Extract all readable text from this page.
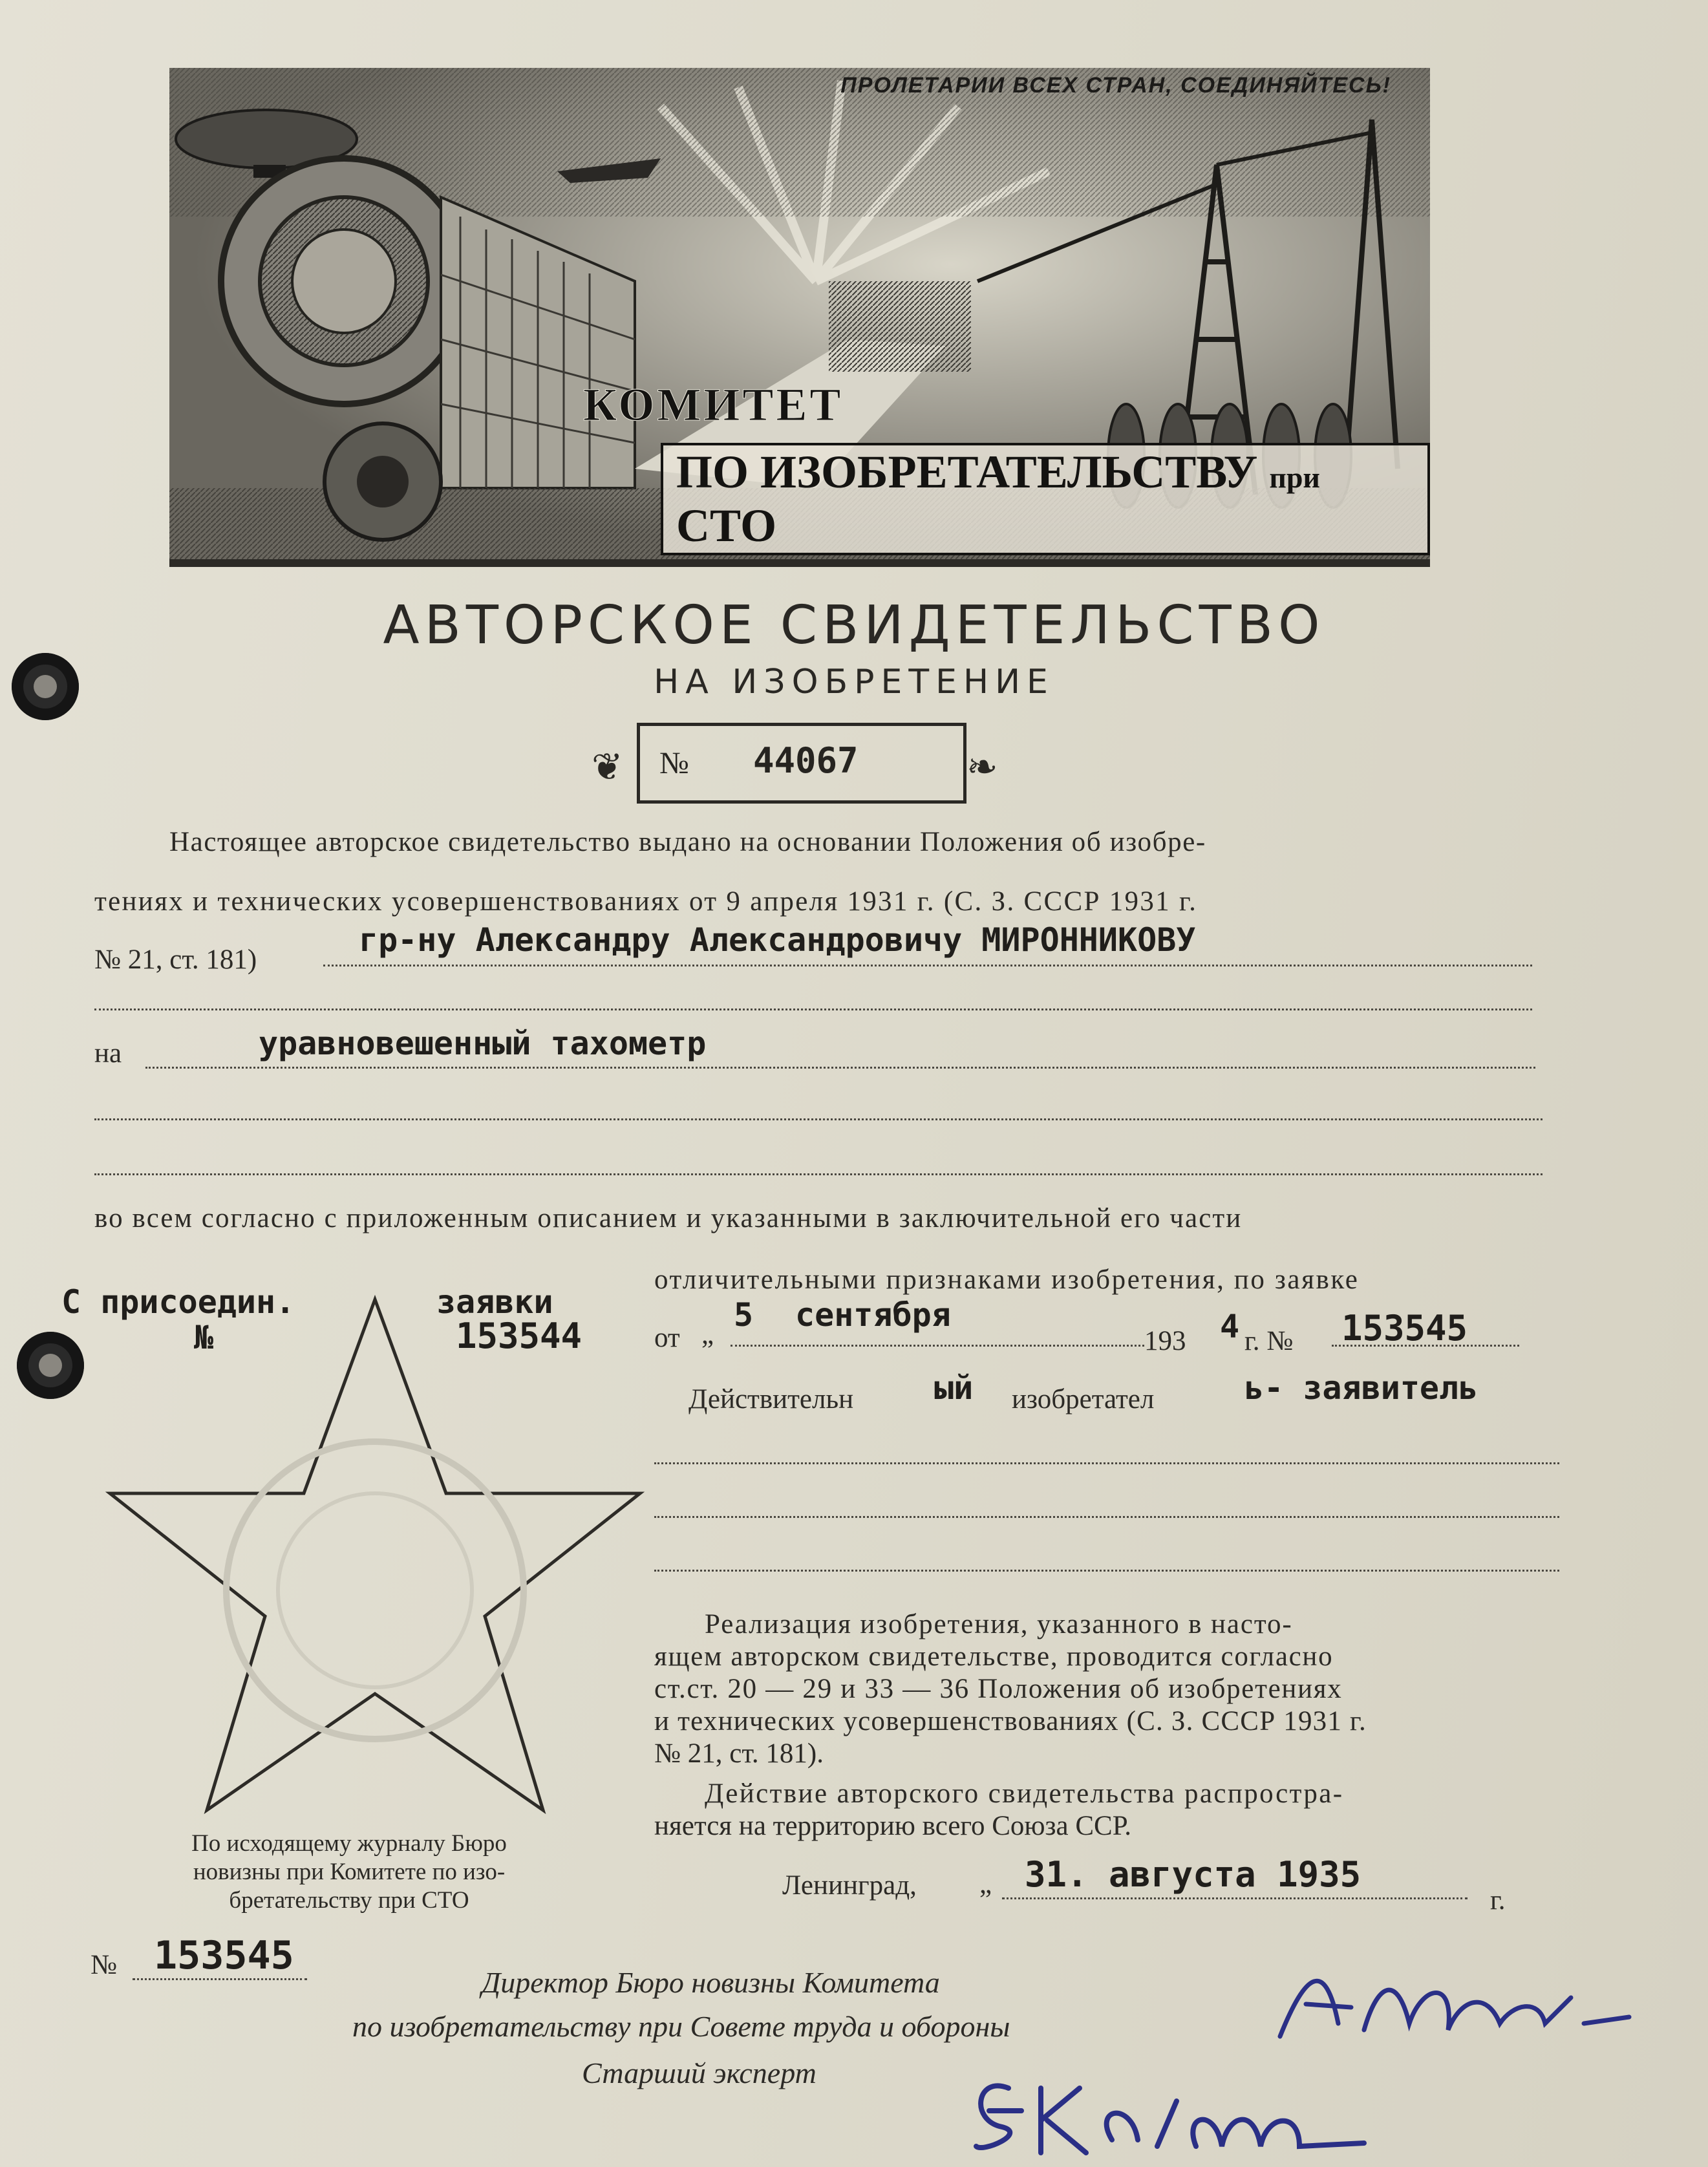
ПРОЛЕТАРИИ ВСЕХ СТРАН, СОЕДИНЯЙТЕСЬ!
КОМИТЕТ
ПО ИЗОБРЕТАТЕЛЬСТВУ при СТО
АВТОРСКОЕ СВИДЕТЕЛЬСТВО
НА ИЗОБРЕТЕНИЕ
❦ № 44067	❧
Настоящее авторское свидетельство выдано на основании Положения об изобре-
тениях и технических усовершенствованиях от 9 апреля 1931 г. (С. З. СССР 1931 г.
№ 21, ст. 181)
гр-ну Александру Александровичу МИРОННИКОВУ
на	уравновешенный тахометр
во всем согласно с приложенным описанием и указанными в заключительной его части
отличительными признаками изобретения, по заявке
от „
5 сентября
193 4 г. № 153545
Действительн ый изобретател	ь- заявитель
С присоедин.	заявки
№	153544
Реализация изобретения, указанного в насто-
ящем авторском свидетельстве, проводится согласно
ст.ст. 20 — 29 и 33 — 36 Положения об изобретениях
и технических усовершенствованиях (С. З. СССР 1931 г.
№ 21, ст. 181).
Действие авторского свидетельства распростра-
няется на территорию всего Союза ССР.
Ленинград, „ 31. августа 1935
г.
По исходящему журналу Бюро
новизны при Комитете по изо-
бретательству при СТО
№ 153545
Директор Бюро новизны Комитета
по изобретательству при Совете труда и обороны
Старший эксперт
